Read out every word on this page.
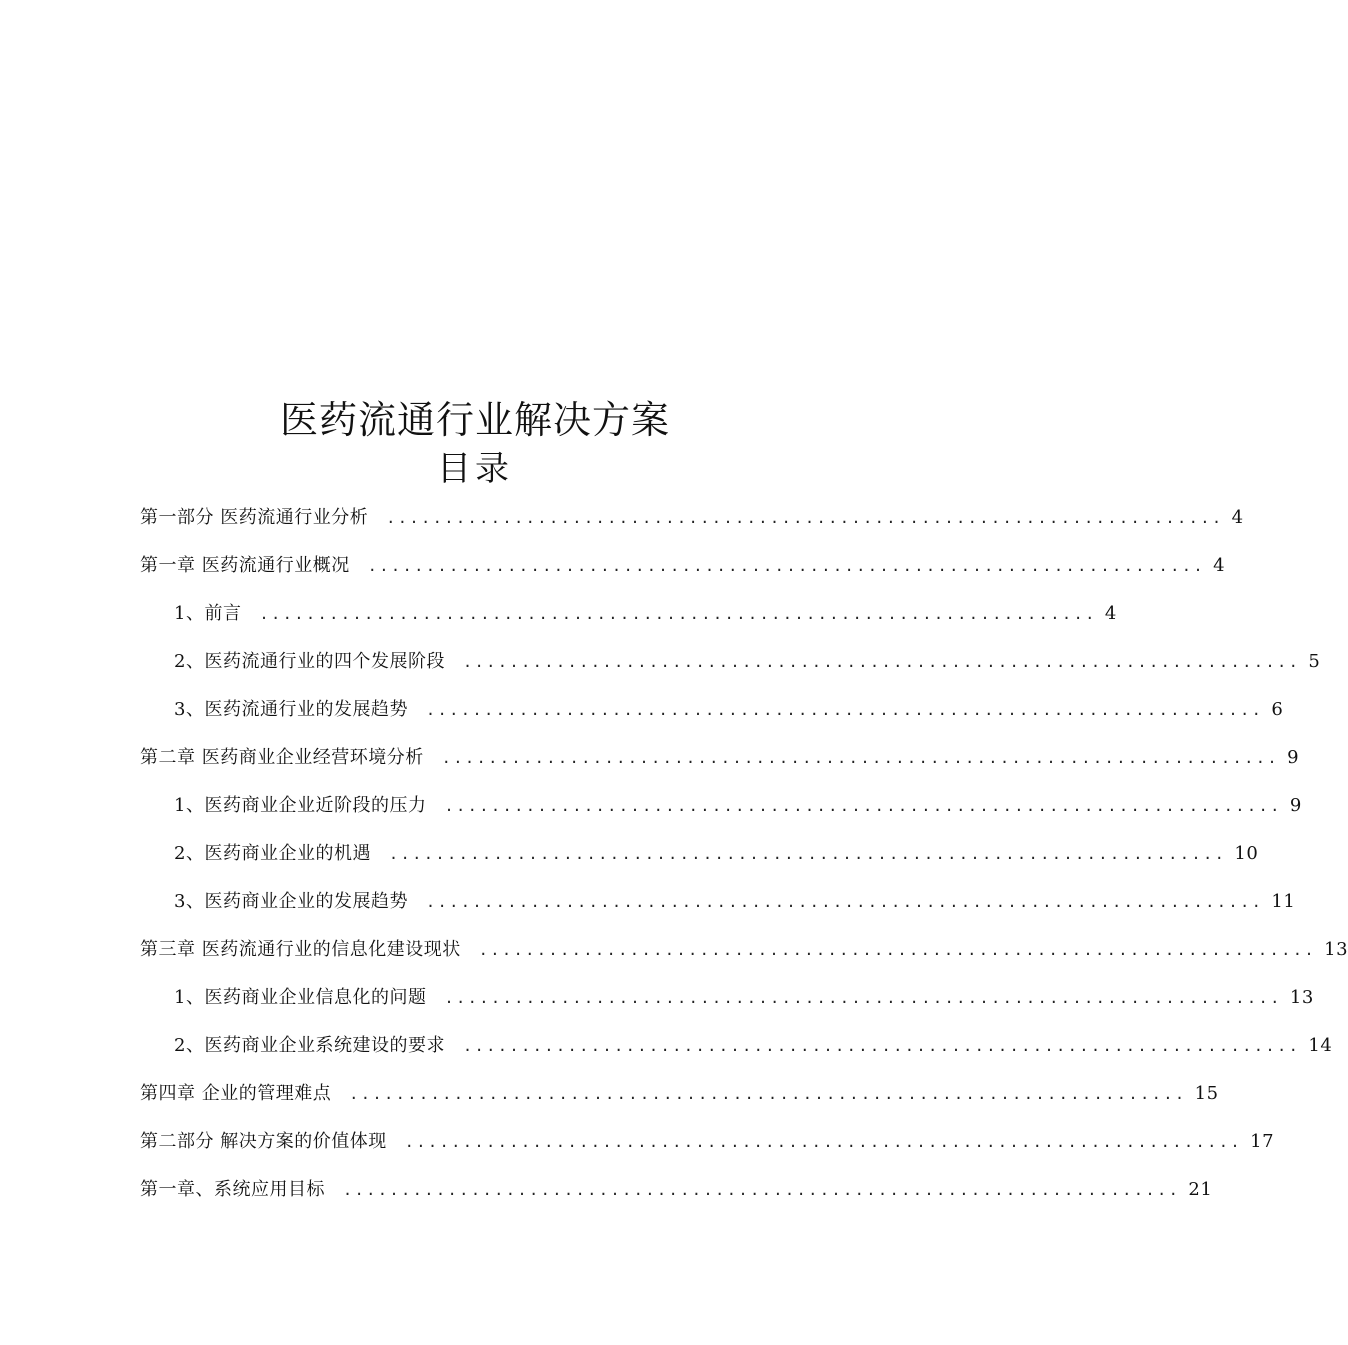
医药流通行业解决方案
目录
第一部分 医药流通行业分析 ........................................................................ 4
第一章 医药流通行业概况 ........................................................................ 4
1、前言 ........................................................................ 4
2、医药流通行业的四个发展阶段 ........................................................................ 5
3、医药流通行业的发展趋势 ........................................................................ 6
第二章 医药商业企业经营环境分析 ........................................................................ 9
1、医药商业企业近阶段的压力 ........................................................................ 9
2、医药商业企业的机遇 ........................................................................ 10
3、医药商业企业的发展趋势 ........................................................................ 11
第三章 医药流通行业的信息化建设现状 ........................................................................ 13
1、医药商业企业信息化的问题 ........................................................................ 13
2、医药商业企业系统建设的要求 ........................................................................ 14
第四章 企业的管理难点 ........................................................................ 15
第二部分 解决方案的价值体现 ........................................................................ 17
第一章、系统应用目标 ........................................................................ 21
